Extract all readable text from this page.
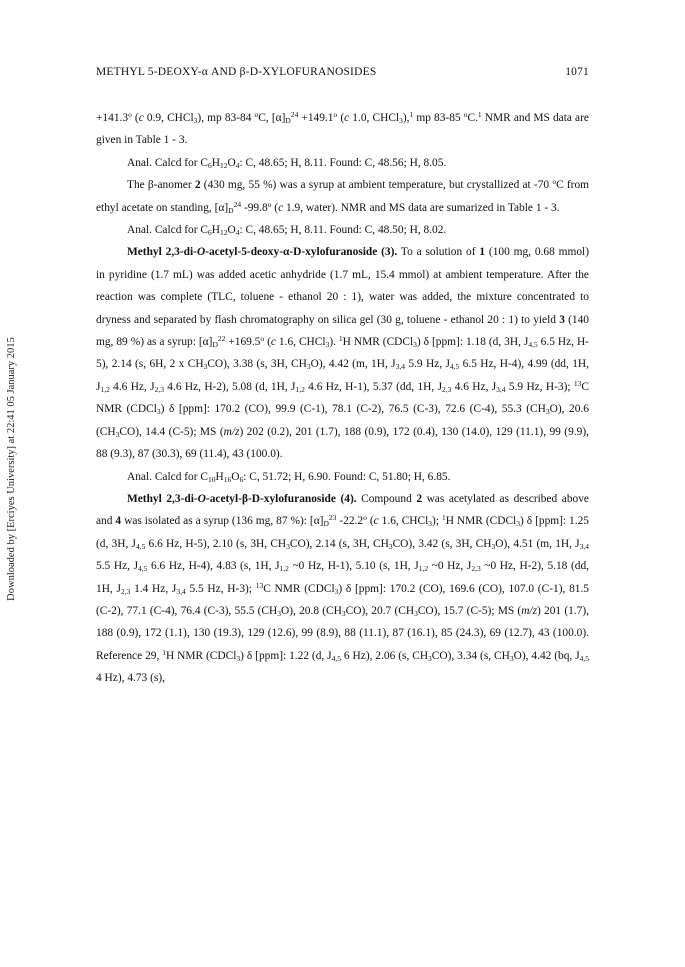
Downloaded by [Erciyes University] at 22:41 05 January 2015
METHYL 5-DEOXY-α AND β-D-XYLOFURANOSIDES	1071

$+141.3^o$ (c 0.9, CHCl$_3$), mp 83-84 $^o$C, $[\alpha]_D^{24} +149.1^o$ (c 1.0, CHCl$_3$),$^1$ mp 83-85 $^o$C.$^1$ NMR and MS data are given in Table 1 - 3.

Anal. Calcd for $C_6H_{12}O_4$: C, 48.65; H, 8.11. Found: C, 48.56; H, 8.05.

The β-anomer 2 (430 mg, 55 %) was a syrup at ambient temperature, but crystallized at -70 $^o$C from ethyl acetate on standing, $[\alpha]_D^{24}$ -99.8$^o$ (c 1.9, water). NMR and MS data are sumarized in Table 1 - 3.

Anal. Calcd for $C_6H_{12}O_4$: C, 48.65; H, 8.11. Found: C, 48.50; H, 8.02.

Methyl 2,3-di-O-acetyl-5-deoxy-α-D-xylofuranoside (3). To a solution of 1 (100 mg, 0.68 mmol) in pyridine (1.7 mL) was added acetic anhydride (1.7 mL, 15.4 mmol) at ambient temperature. After the reaction was complete (TLC, toluene - ethanol 20 : 1), water was added, the mixture concentrated to dryness and separated by flash chromatography on silica gel (30 g, toluene - ethanol 20 : 1) to yield 3 (140 mg, 89 %) as a syrup: $[\alpha]_D^{22} +169.5^o$ (c 1.6, CHCl$_3$). $^1$H NMR (CDCl$_3$) δ [ppm]: 1.18 (d, 3H, $J_{4,5}$ 6.5 Hz, H-5), 2.14 (s, 6H, 2 x $CH_3CO$), 3.38 (s, 3H, $CH_3O$), 4.42 (m, 1H, $J_{3,4}$ 5.9 Hz, $J_{4,5}$ 6.5 Hz, H-4), 4.99 (dd, 1H, $J_{1,2}$ 4.6 Hz, $J_{2,3}$ 4.6 Hz, H-2), 5.08 (d, 1H, $J_{1,2}$ 4.6 Hz, H-1), 5.37 (dd, 1H, $J_{2,3}$ 4.6 Hz, $J_{3,4}$ 5.9 Hz, H-3); $^{13}$C NMR (CDCl$_3$) δ [ppm]: 170.2 (CO), 99.9 (C-1), 78.1 (C-2), 76.5 (C-3), 72.6 (C-4), 55.3 $(CH_3O)$, 20.6 $(CH_3CO)$, 14.4 (C-5); MS (m/z) 202 (0.2), 201 (1.7), 188 (0.9), 172 (0.4), 130 (14.0), 129 (11.1), 99 (9.9), 88 (9.3), 87 (30.3), 69 (11.4), 43 (100.0).

Anal. Calcd for $C_{10}H_{16}O_6$: C, 51.72; H, 6.90. Found: C, 51.80; H, 6.85.

Methyl 2,3-di-O-acetyl-β-D-xylofuranoside (4). Compound 2 was acetylated as described above and 4 was isolated as a syrup (136 mg, 87 %): $[\alpha]_D^{23}$ -22.2$^o$ (c 1.6, CHCl$_3$); $^1$H NMR (CDCl$_3$) δ [ppm]: 1.25 (d, 3H, $J_{4,5}$ 6.6 Hz, H-5), 2.10 (s, 3H, $CH_3CO$), 2.14 (s, 3H, $CH_3CO$), 3.42 (s, 3H, $CH_3O$), 4.51 (m, 1H, $J_{3,4}$ 5.5 Hz, $J_{4,5}$ 6.6 Hz, H-4), 4.83 (s, 1H, $J_{1,2}$ ~0 Hz, H-1), 5.10 (s, 1H, $J_{1,2}$ ~0 Hz, $J_{2,3}$ ~0 Hz, H-2), 5.18 (dd, 1H, $J_{2,3}$ 1.4 Hz, $J_{3,4}$ 5.5 Hz, H-3); $^{13}$C NMR (CDCl$_3$) δ [ppm]: 170.2 (CO), 169.6 (CO), 107.0 (C-1), 81.5 (C-2), 77.1 (C-4), 76.4 (C-3), 55.5 $(CH_3O)$, 20.8 $(CH_3CO)$, 20.7 $(CH_3CO)$, 15.7 (C-5); MS (m/z) 201 (1.7), 188 (0.9), 172 (1.1), 130 (19.3), 129 (12.6), 99 (8.9), 88 (11.1), 87 (16.1), 85 (24.3), 69 (12.7), 43 (100.0). Reference 29, $^1$H NMR (CDCl$_3$) δ [ppm]: 1.22 (d, $J_{4,5}$ 6 Hz), 2.06 (s, $CH_3CO$), 3.34 (s, $CH_3O$), 4.42 (bq, $J_{4,5}$ 4 Hz), 4.73 (s),
